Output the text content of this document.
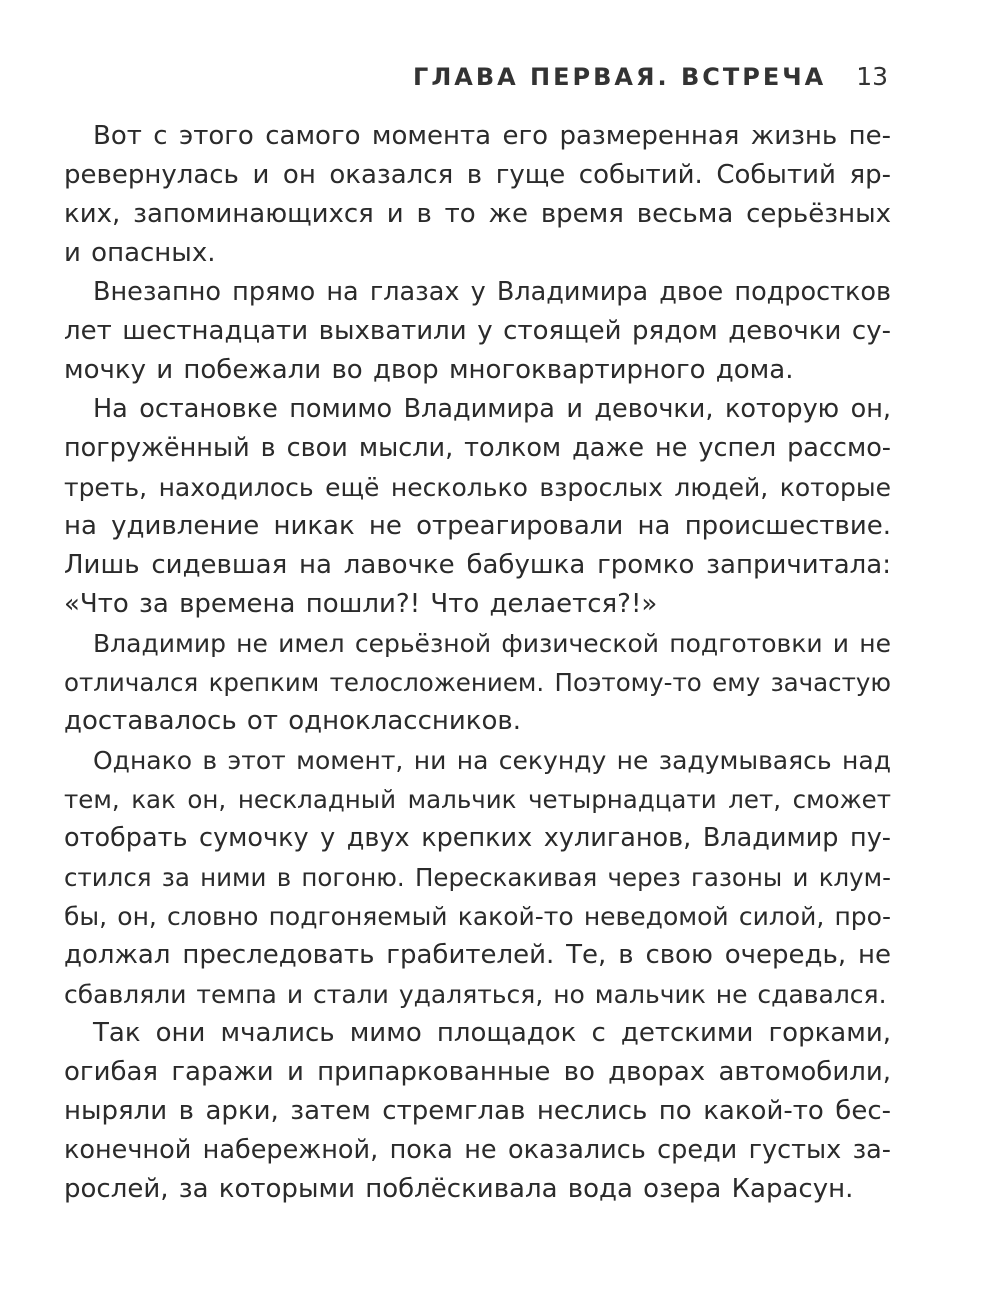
ГЛАВА ПЕРВАЯ. ВСТРЕЧА 13
Вот с этого самого момента его размеренная жизнь пе-
ревернулась и он оказался в гуще событий. Событий яр-
ких, запоминающихся и в то же время весьма серьёзных
и опасных.
Внезапно прямо на глазах у Владимира двое подростков
лет шестнадцати выхватили у стоящей рядом девочки су-
мочку и побежали во двор многоквартирного дома.
На остановке помимо Владимира и девочки, которую он,
погружённый в свои мысли, толком даже не успел рассмо-
треть, находилось ещё несколько взрослых людей, которые
на удивление никак не отреагировали на происшествие.
Лишь сидевшая на лавочке бабушка громко запричитала:
«Что за времена пошли?! Что делается?!»
Владимир не имел серьёзной физической подготовки и не
отличался крепким телосложением. Поэтому-то ему зачастую
доставалось от одноклассников.
Однако в этот момент, ни на секунду не задумываясь над
тем, как он, нескладный мальчик четырнадцати лет, сможет
отобрать сумочку у двух крепких хулиганов, Владимир пу-
стился за ними в погоню. Перескакивая через газоны и клум-
бы, он, словно подгоняемый какой-то неведомой силой, про-
должал преследовать грабителей. Те, в свою очередь, не
сбавляли темпа и стали удаляться, но мальчик не сдавался.
Так они мчались мимо площадок с детскими горками,
огибая гаражи и припаркованные во дворах автомобили,
ныряли в арки, затем стремглав неслись по какой-то бес-
конечной набережной, пока не оказались среди густых за-
рослей, за которыми поблёскивала вода озера Карасун.
